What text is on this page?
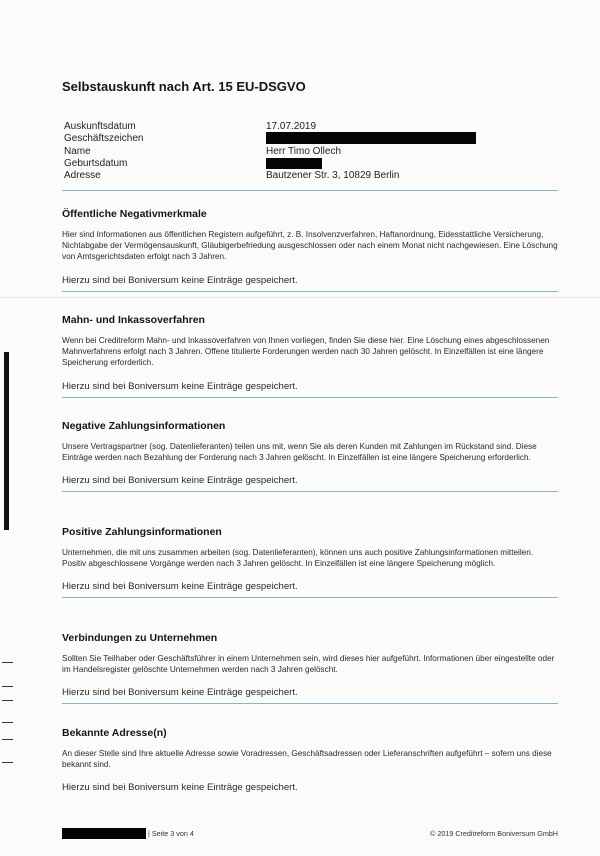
Selbstauskunft nach Art. 15 EU-DSGVO
Auskunftsdatum	17.07.2019
Geschäftszeichen
Name	Herr Timo Ollech
Geburtsdatum
Adresse	Bautzener Str. 3, 10829 Berlin
Öffentliche Negativmerkmale

Hier sind Informationen aus öffentlichen Registern aufgeführt, z. B. Insolvenzverfahren, Haftanordnung, Eidesstattliche Versicherung, Nichtabgabe der Vermögensauskunft, Gläubigerbefriedung ausgeschlossen oder nach einem Monat nicht nachgewiesen. Eine Löschung von Amtsgerichtsdaten erfolgt nach 3 Jahren.

Hierzu sind bei Boniversum keine Einträge gespeichert.

Mahn- und Inkassoverfahren

Wenn bei Creditreform Mahn- und Inkassoverfahren von Ihnen vorliegen, finden Sie diese hier. Eine Löschung eines abgeschlossenen Mahnverfahrens erfolgt nach 3 Jahren. Offene titulierte Forderungen werden nach 30 Jahren gelöscht. In Einzelfällen ist eine längere Speicherung erforderlich.

Hierzu sind bei Boniversum keine Einträge gespeichert.

Negative Zahlungsinformationen

Unsere Vertragspartner (sog. Datenlieferanten) teilen uns mit, wenn Sie als deren Kunden mit Zahlungen im Rückstand sind. Diese Einträge werden nach Bezahlung der Forderung nach 3 Jahren gelöscht. In Einzelfällen ist eine längere Speicherung erforderlich.

Hierzu sind bei Boniversum keine Einträge gespeichert.

Positive Zahlungsinformationen

Unternehmen, die mit uns zusammen arbeiten (sog. Datenlieferanten), können uns auch positive Zahlungsinformationen mitteilen. Positiv abgeschlossene Vorgänge werden nach 3 Jahren gelöscht. In Einzelfällen ist eine längere Speicherung möglich.

Hierzu sind bei Boniversum keine Einträge gespeichert.

Verbindungen zu Unternehmen

Sollten Sie Teilhaber oder Geschäftsführer in einem Unternehmen sein, wird dieses hier aufgeführt. Informationen über eingestellte oder im Handelsregister gelöschte Unternehmen werden nach 3 Jahren gelöscht.

Hierzu sind bei Boniversum keine Einträge gespeichert.

Bekannte Adresse(n)

An dieser Stelle sind Ihre aktuelle Adresse sowie Voradressen, Geschäftsadressen oder Lieferanschriften aufgeführt – sofern uns diese bekannt sind.

Hierzu sind bei Boniversum keine Einträge gespeichert.

| Seite 3 von 4	© 2019 Creditreform Boniversum GmbH
